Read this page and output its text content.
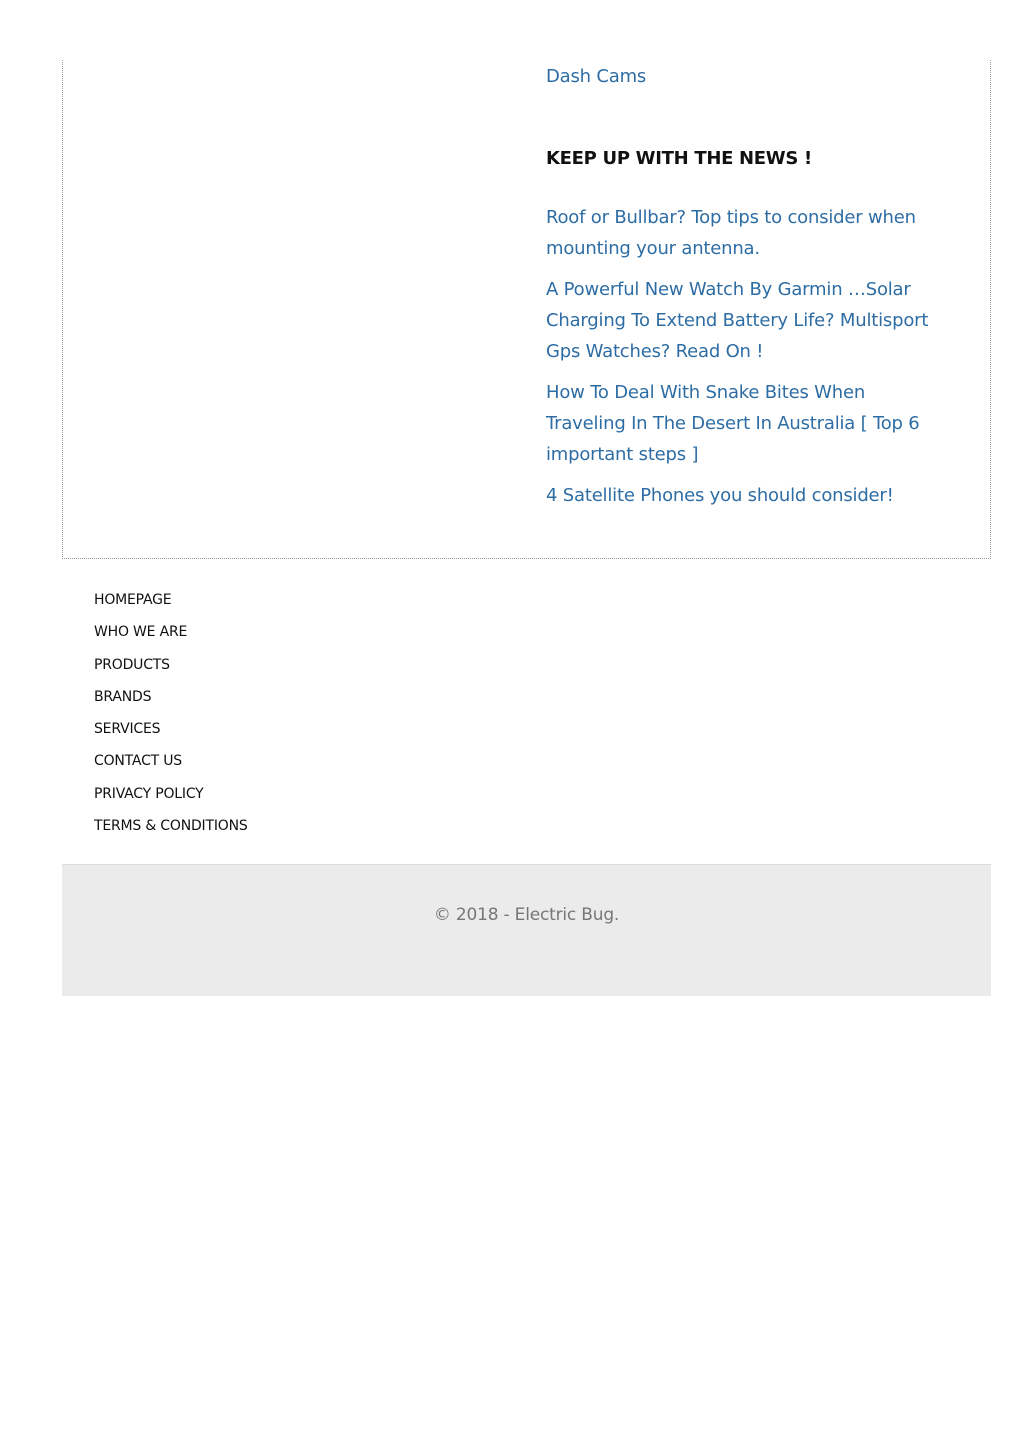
Dash Cams
KEEP UP WITH THE NEWS !
Roof or Bullbar? Top tips to consider when mounting your antenna.
A Powerful New Watch By Garmin …Solar Charging To Extend Battery Life? Multisport Gps Watches? Read On !
How To Deal With Snake Bites When Traveling In The Desert In Australia [ Top 6 important steps ]
4 Satellite Phones you should consider!
HOMEPAGE
WHO WE ARE
PRODUCTS
BRANDS
SERVICES
CONTACT US
PRIVACY POLICY
TERMS & CONDITIONS
© 2018 - Electric Bug.
